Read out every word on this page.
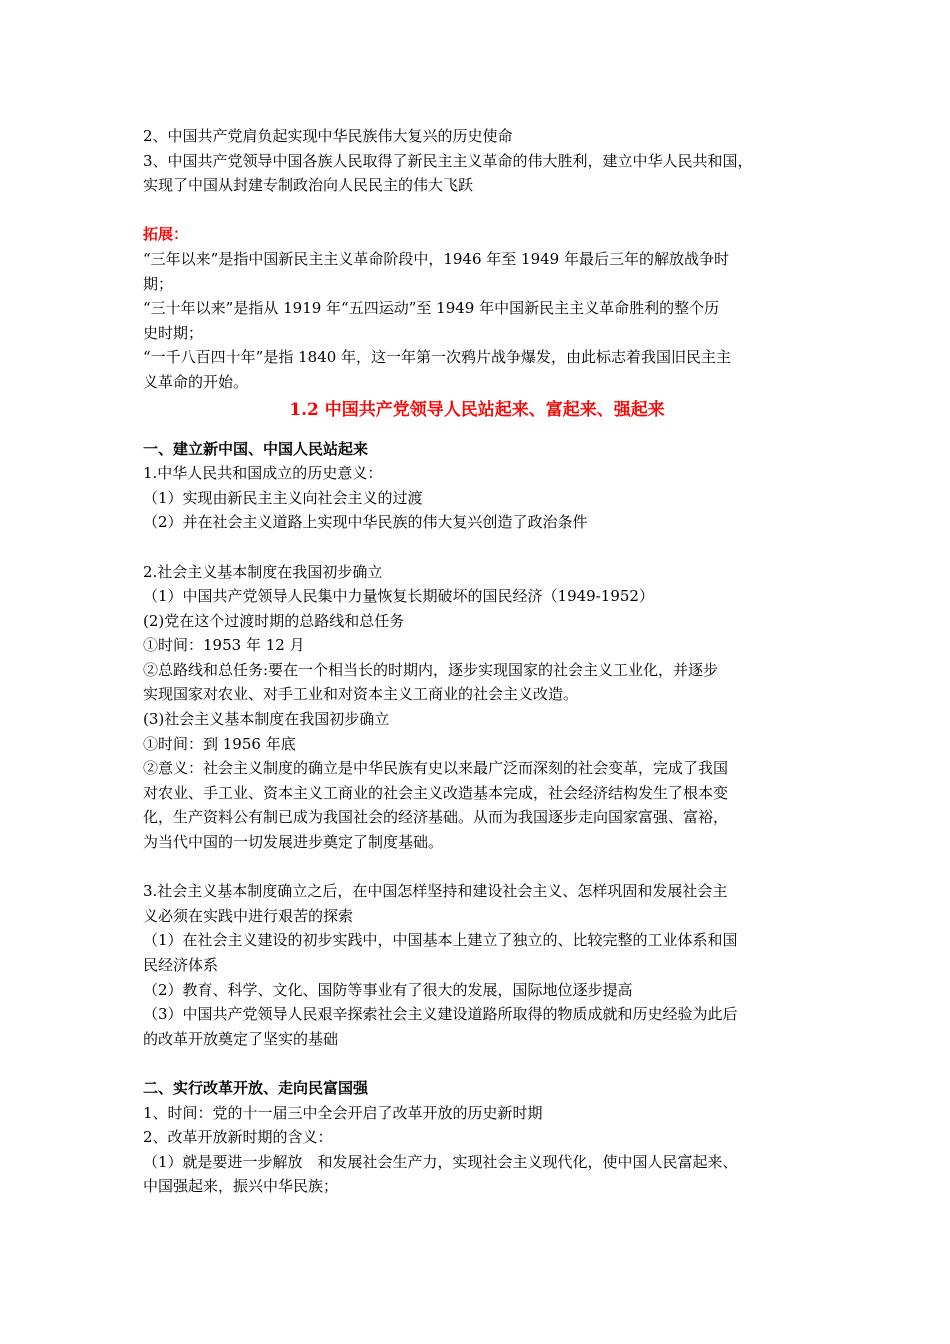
2、中国共产党肩负起实现中华民族伟大复兴的历史使命
3、中国共产党领导中国各族人民取得了新民主主义革命的伟大胜利，建立中华人民共和国，
实现了中国从封建专制政治向人民民主的伟大飞跃
拓展：
“三年以来”是指中国新民主主义革命阶段中，1946 年至 1949 年最后三年的解放战争时
期；
“三十年以来”是指从 1919 年“五四运动”至 1949 年中国新民主主义革命胜利的整个历
史时期；
“一千八百四十年”是指 1840 年，这一年第一次鸦片战争爆发，由此标志着我国旧民主主
义革命的开始。
1.2 中国共产党领导人民站起来、富起来、强起来
一、建立新中国、中国人民站起来
1.中华人民共和国成立的历史意义：
（1）实现由新民主主义向社会主义的过渡
（2）并在社会主义道路上实现中华民族的伟大复兴创造了政治条件
2.社会主义基本制度在我国初步确立
（1）中国共产党领导人民集中力量恢复长期破坏的国民经济（1949-1952）
(2)党在这个过渡时期的总路线和总任务
①时间：1953 年 12 月
②总路线和总任务:要在一个相当长的时期内，逐步实现国家的社会主义工业化，并逐步
实现国家对农业、对手工业和对资本主义工商业的社会主义改造。
(3)社会主义基本制度在我国初步确立
①时间：到 1956 年底
②意义：社会主义制度的确立是中华民族有史以来最广泛而深刻的社会变革，完成了我国
对农业、手工业、资本主义工商业的社会主义改造基本完成，社会经济结构发生了根本变
化，生产资料公有制已成为我国社会的经济基础。从而为我国逐步走向国家富强、富裕，
为当代中国的一切发展进步奠定了制度基础。
3.社会主义基本制度确立之后，在中国怎样坚持和建设社会主义、怎样巩固和发展社会主
义必须在实践中进行艰苦的探索
（1）在社会主义建设的初步实践中，中国基本上建立了独立的、比较完整的工业体系和国
民经济体系
（2）教育、科学、文化、国防等事业有了很大的发展，国际地位逐步提高
（3）中国共产党领导人民艰辛探索社会主义建设道路所取得的物质成就和历史经验为此后
的改革开放奠定了坚实的基础
二、实行改革开放、走向民富国强
1、时间：党的十一届三中全会开启了改革开放的历史新时期
2、改革开放新时期的含义：
（1）就是要进一步解放　和发展社会生产力，实现社会主义现代化，使中国人民富起来、
中国强起来，振兴中华民族；
